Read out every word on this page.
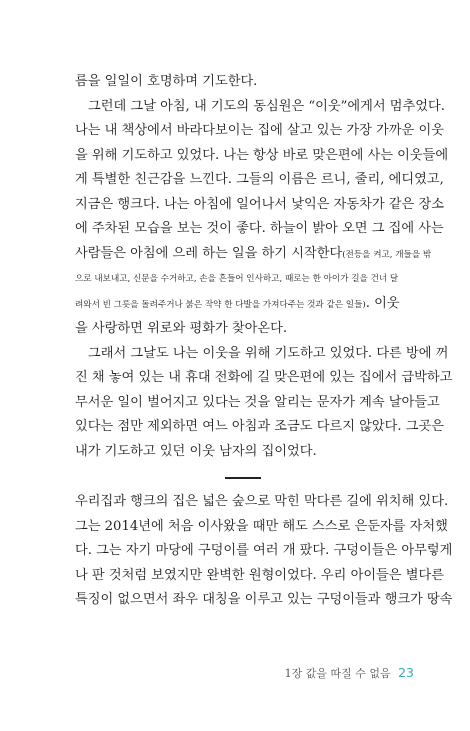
름을 일일이 호명하며 기도한다.
그런데 그날 아침, 내 기도의 동심원은 “이웃”에게서 멈추었다.
나는 내 책상에서 바라다보이는 집에 살고 있는 가장 가까운 이웃
을 위해 기도하고 있었다. 나는 항상 바로 맞은편에 사는 이웃들에
게 특별한 친근감을 느낀다. 그들의 이름은 르니, 줄리, 에디였고,
지금은 행크다. 나는 아침에 일어나서 낯익은 자동차가 같은 장소
에 주차된 모습을 보는 것이 좋다. 하늘이 밝아 오면 그 집에 사는
사람들은 아침에 으레 하는 일을 하기 시작한다(전등을 켜고, 개들을 밖
으로 내보내고, 신문을 수거하고, 손을 흔들어 인사하고, 때로는 한 아이가 길을 건너 달
려와서 빈 그릇을 돌려주거나 붉은 작약 한 다발을 가져다주는 것과 같은 일들). 이웃
을 사랑하면 위로와 평화가 찾아온다.
그래서 그날도 나는 이웃을 위해 기도하고 있었다. 다른 방에 꺼
진 채 놓여 있는 내 휴대 전화에 길 맞은편에 있는 집에서 급박하고
무서운 일이 벌어지고 있다는 것을 알리는 문자가 계속 날아들고
있다는 점만 제외하면 여느 아침과 조금도 다르지 않았다. 그곳은
내가 기도하고 있던 이웃 남자의 집이었다.
우리집과 행크의 집은 넓은 숲으로 막힌 막다른 길에 위치해 있다.
그는 2014년에 처음 이사왔을 때만 해도 스스로 은둔자를 자처했
다. 그는 자기 마당에 구덩이를 여러 개 팠다. 구덩이들은 아무렇게
나 판 것처럼 보였지만 완벽한 원형이었다. 우리 아이들은 별다른
특징이 없으면서 좌우 대칭을 이루고 있는 구덩이들과 행크가 땅속
1장 값을 따질 수 없음 23
